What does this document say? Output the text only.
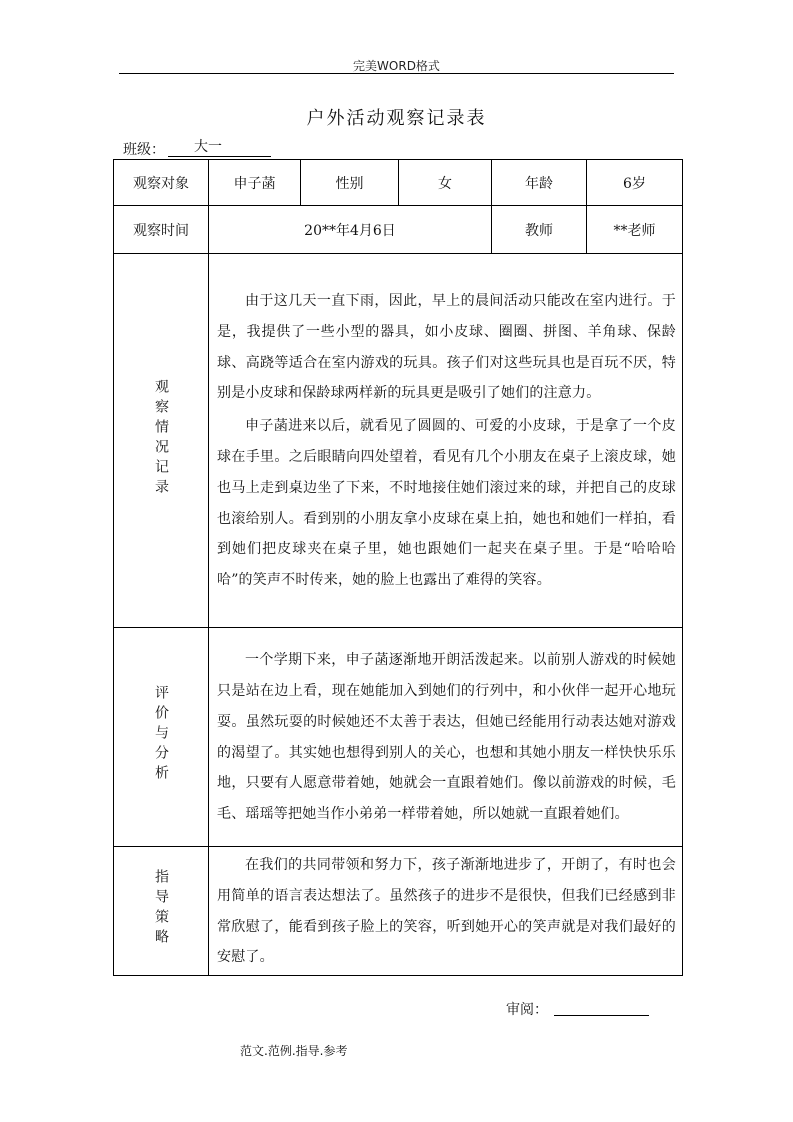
完美WORD格式
户外活动观察记录表
班级：	大一
观察对象	申子菡	性别	女	年龄	6岁
观察时间	20**年4月6日			教师	**老师
观察情况记录	由于这几天一直下雨，因此，早上的晨间活动只能改在室内进行。于是，我提供了一些小型的器具，如小皮球、圈圈、拼图、羊角球、保龄球、高跷等适合在室内游戏的玩具。孩子们对这些玩具也是百玩不厌，特别是小皮球和保龄球两样新的玩具更是吸引了她们的注意力。

申子菡进来以后，就看见了圆圆的、可爱的小皮球，于是拿了一个皮球在手里。之后眼睛向四处望着，看见有几个小朋友在桌子上滚皮球，她也马上走到桌边坐了下来，不时地接住她们滚过来的球，并把自己的皮球也滚给别人。看到别的小朋友拿小皮球在桌上拍，她也和她们一样拍，看到她们把皮球夹在桌子里，她也跟她们一起夹在桌子里。于是“哈哈哈哈”的笑声不时传来，她的脸上也露出了难得的笑容。				

评价与分析	一个学期下来，申子菡逐渐地开朗活泼起来。以前别人游戏的时候她只是站在边上看，现在她能加入到她们的行列中，和小伙伴一起开心地玩耍。虽然玩耍的时候她还不太善于表达，但她已经能用行动表达她对游戏的渴望了。其实她也想得到别人的关心，也想和其她小朋友一样快快乐乐地，只要有人愿意带着她，她就会一直跟着她们。像以前游戏的时候，毛毛、瑶瑶等把她当作小弟弟一样带着她，所以她就一直跟着她们。				

指导策略	在我们的共同带领和努力下，孩子渐渐地进步了，开朗了，有时也会用简单的语言表达想法了。虽然孩子的进步不是很快，但我们已经感到非常欣慰了，能看到孩子脸上的笑容，听到她开心的笑声就是对我们最好的安慰了。				

审阅：
范文.范例.指导.参考
